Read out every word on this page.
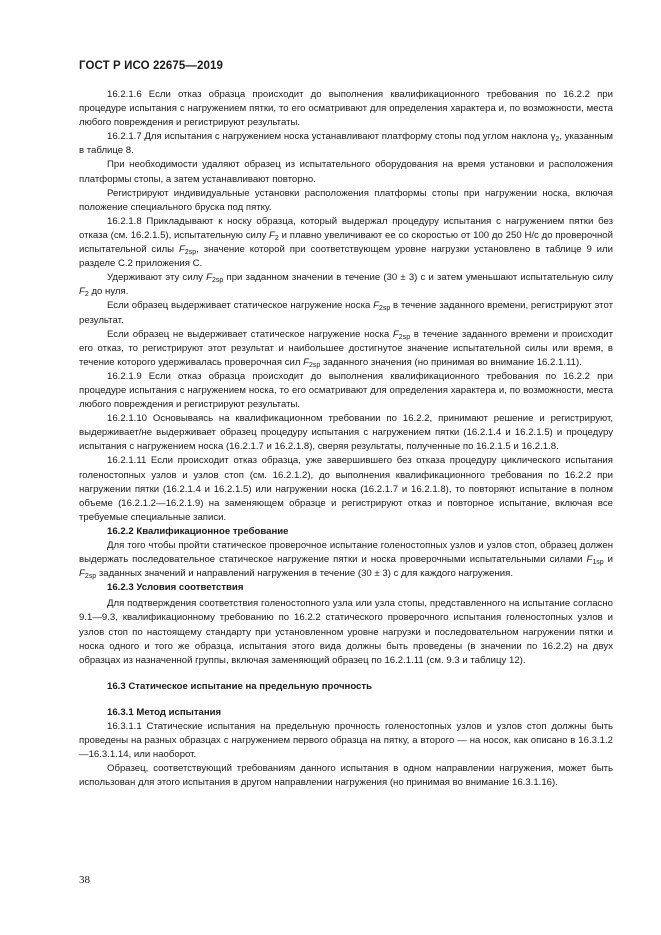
ГОСТ Р ИСО 22675—2019

16.2.1.6 Если отказ образца происходит до выполнения квалификационного требования по 16.2.2 при процедуре испытания с нагружением пятки, то его осматривают для определения характера и, по возможности, места любого повреждения и регистрируют результаты.

16.2.1.7 Для испытания с нагружением носка устанавливают платформу стопы под углом наклона $\gamma_2$, указанным в таблице 8.

При необходимости удаляют образец из испытательного оборудования на время установки и расположения платформы стопы, а затем устанавливают повторно.

Регистрируют индивидуальные установки расположения платформы стопы при нагружении носка, включая положение специального бруска под пятку.

16.2.1.8 Прикладывают к носку образца, который выдержал процедуру испытания с нагружением пятки без отказа (см. 16.2.1.5), испытательную силу $F_2$ и плавно увеличивают ее со скоростью от 100 до 250 Н/с до проверочной испытательной силы $F_{2sp}$, значение которой при соответствующем уровне нагрузки установлено в таблице 9 или разделе С.2 приложения С.

Удерживают эту силу $F_{2sp}$ при заданном значении в течение (30 ± 3) с и затем уменьшают испытательную силу $F_2$ до нуля.

Если образец выдерживает статическое нагружение носка $F_{2sp}$ в течение заданного времени, регистрируют этот результат.

Если образец не выдерживает статическое нагружение носка $F_{2sp}$ в течение заданного времени и происходит его отказ, то регистрируют этот результат и наибольшее достигнутое значение испытательной силы или время, в течение которого удерживалась проверочная сил $F_{2sp}$ заданного значения (но принимая во внимание 16.2.1.11).

16.2.1.9 Если отказ образца происходит до выполнения квалификационного требования по 16.2.2 при процедуре испытания с нагружением носка, то его осматривают для определения характера и, по возможности, места любого повреждения и регистрируют результаты.

16.2.1.10 Основываясь на квалификационном требовании по 16.2.2, принимают решение и регистрируют, выдерживает/не выдерживает образец процедуру испытания с нагружением пятки (16.2.1.4 и 16.2.1.5) и процедуру испытания с нагружением носка (16.2.1.7 и 16.2.1.8), сверяя результаты, полученные по 16.2.1.5 и 16.2.1.8.

16.2.1.11 Если происходит отказ образца, уже завершившего без отказа процедуру циклического испытания голеностопных узлов и узлов стоп (см. 16.2.1.2), до выполнения квалификационного требования по 16.2.2 при нагружении пятки (16.2.1.4 и 16.2.1.5) или нагружении носка (16.2.1.7 и 16.2.1.8), то повторяют испытание в полном объеме (16.2.1.2—16.2.1.9) на заменяющем образце и регистрируют отказ и повторное испытание, включая все требуемые специальные записи.

16.2.2 Квалификационное требование

Для того чтобы пройти статическое проверочное испытание голеностопных узлов и узлов стоп, образец должен выдержать последовательное статическое нагружение пятки и носка проверочными испытательными силами $F_{1sp}$ и $F_{2sp}$ заданных значений и направлений нагружения в течение (30 ± 3) с для каждого нагружения.

16.2.3 Условия соответствия

Для подтверждения соответствия голеностопного узла или узла стопы, представленного на испытание согласно 9.1—9.3, квалификационному требованию по 16.2.2 статического проверочного испытания голеностопных узлов и узлов стоп по настоящему стандарту при установленном уровне нагрузки и последовательном нагружении пятки и носка одного и того же образца, испытания этого вида должны быть проведены (в значении по 16.2.2) на двух образцах из назначенной группы, включая заменяющий образец по 16.2.1.11 (см. 9.3 и таблицу 12).

16.3 Статическое испытание на предельную прочность

16.3.1 Метод испытания

16.3.1.1 Статические испытания на предельную прочность голеностопных узлов и узлов стоп должны быть проведены на разных образцах с нагружением первого образца на пятку, а второго — на носок, как описано в 16.3.1.2—16.3.1.14, или наоборот.

Образец, соответствующий требованиям данного испытания в одном направлении нагружения, может быть использован для этого испытания в другом направлении нагружения (но принимая во внимание 16.3.1.16).

38
